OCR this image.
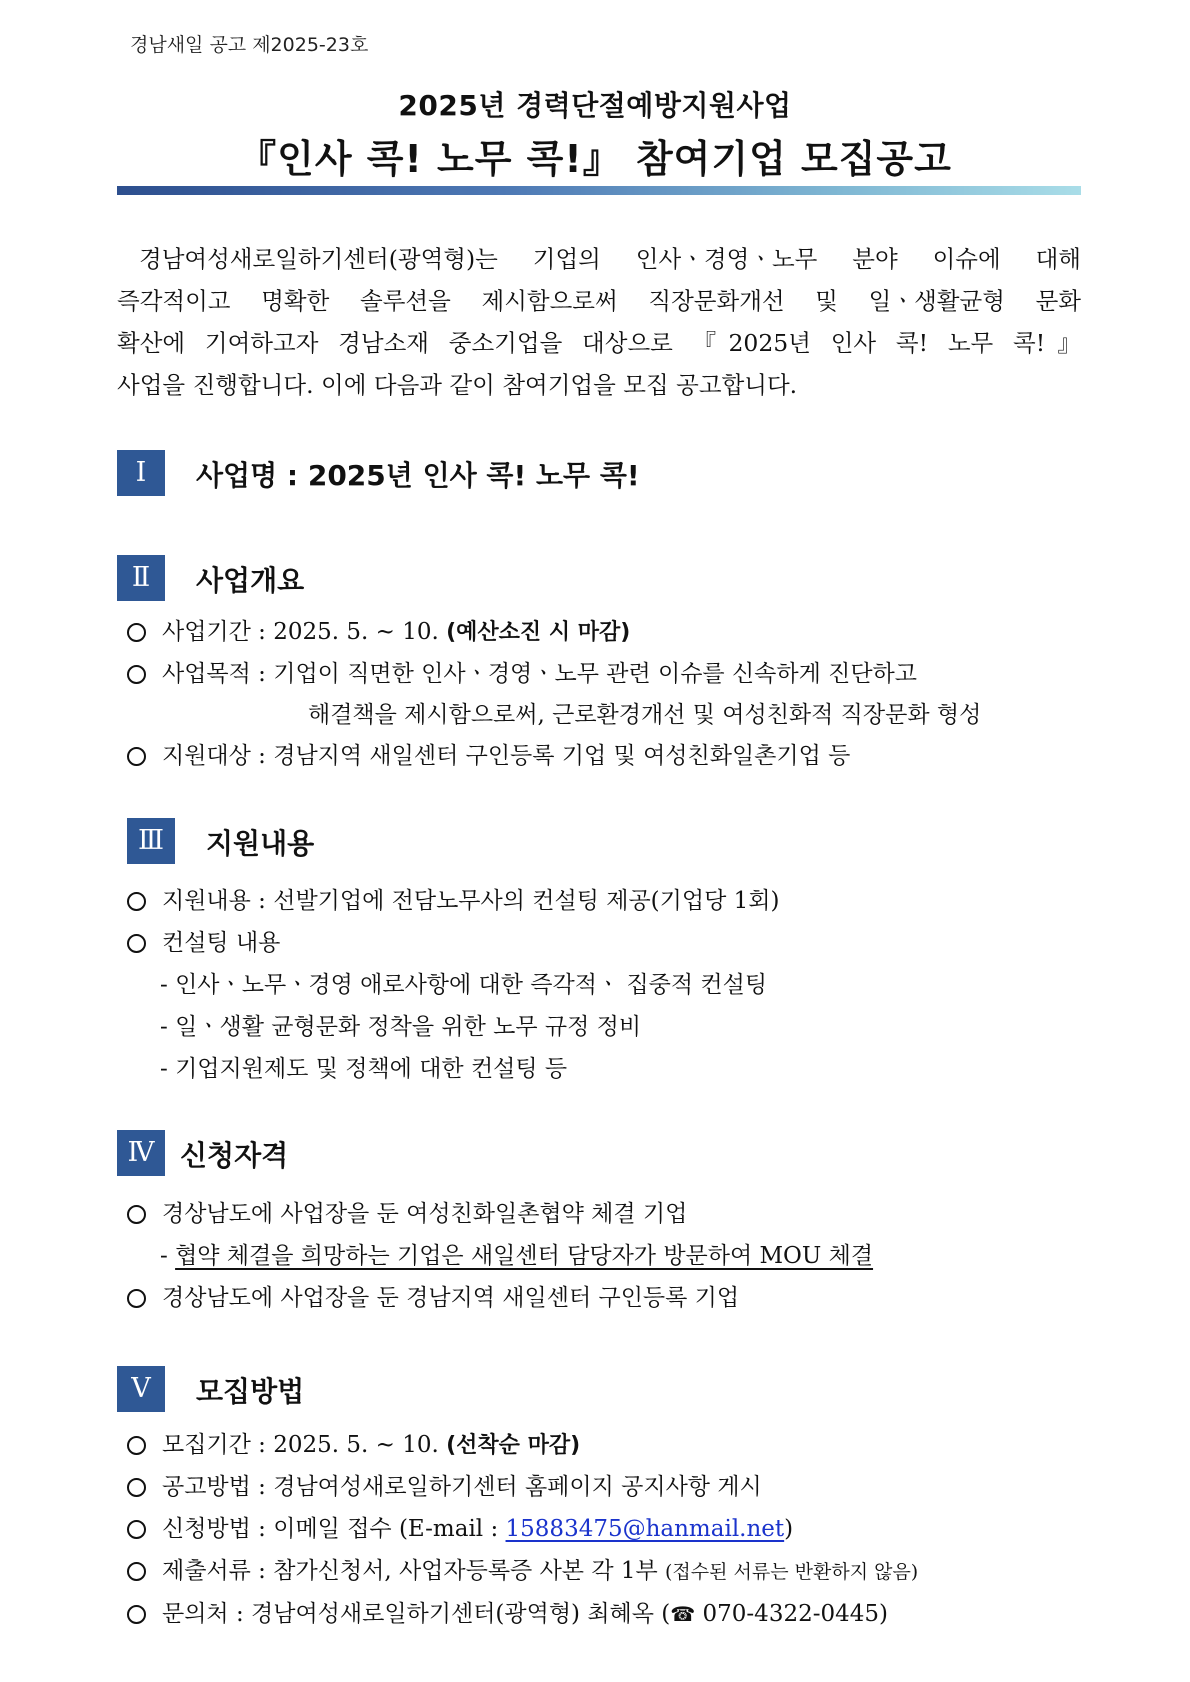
경남새일 공고 제2025-23호
2025년 경력단절예방지원사업
『인사 콕! 노무 콕!』 참여기업 모집공고
경남여성새로일하기센터(광역형)는 기업의 인사ㆍ경영ㆍ노무 분야 이슈에 대해
즉각적이고 명확한 솔루션을 제시함으로써 직장문화개선 및 일ㆍ생활균형 문화
확산에 기여하고자 경남소재 중소기업을 대상으로 『2025년 인사 콕! 노무 콕!』
사업을 진행합니다. 이에 다음과 같이 참여기업을 모집 공고합니다.
Ⅰ	사업명 : 2025년 인사 콕! 노무 콕!
Ⅱ	사업개요
사업기간 : 2025. 5. ~ 10. (예산소진 시 마감)
사업목적 : 기업이 직면한 인사ㆍ경영ㆍ노무 관련 이슈를 신속하게 진단하고
해결책을 제시함으로써, 근로환경개선 및 여성친화적 직장문화 형성
지원대상 : 경남지역 새일센터 구인등록 기업 및 여성친화일촌기업 등
Ⅲ	지원내용
지원내용 : 선발기업에 전담노무사의 컨설팅 제공(기업당 1회)
컨설팅 내용
- 인사ㆍ노무ㆍ경영 애로사항에 대한 즉각적ㆍ 집중적 컨설팅
- 일ㆍ생활 균형문화 정착을 위한 노무 규정 정비
- 기업지원제도 및 정책에 대한 컨설팅 등
Ⅳ 신청자격
경상남도에 사업장을 둔 여성친화일촌협약 체결 기업
- 협약 체결을 희망하는 기업은 새일센터 담당자가 방문하여 MOU 체결
경상남도에 사업장을 둔 경남지역 새일센터 구인등록 기업
Ⅴ	모집방법
모집기간 : 2025. 5. ~ 10. (선착순 마감)
공고방법 : 경남여성새로일하기센터 홈페이지 공지사항 게시
신청방법 : 이메일 접수 (E-mail : 15883475@hanmail.net)
제출서류 : 참가신청서, 사업자등록증 사본 각 1부 (접수된 서류는 반환하지 않음)
문의처 : 경남여성새로일하기센터(광역형) 최혜옥 (☎ 070-4322-0445)
